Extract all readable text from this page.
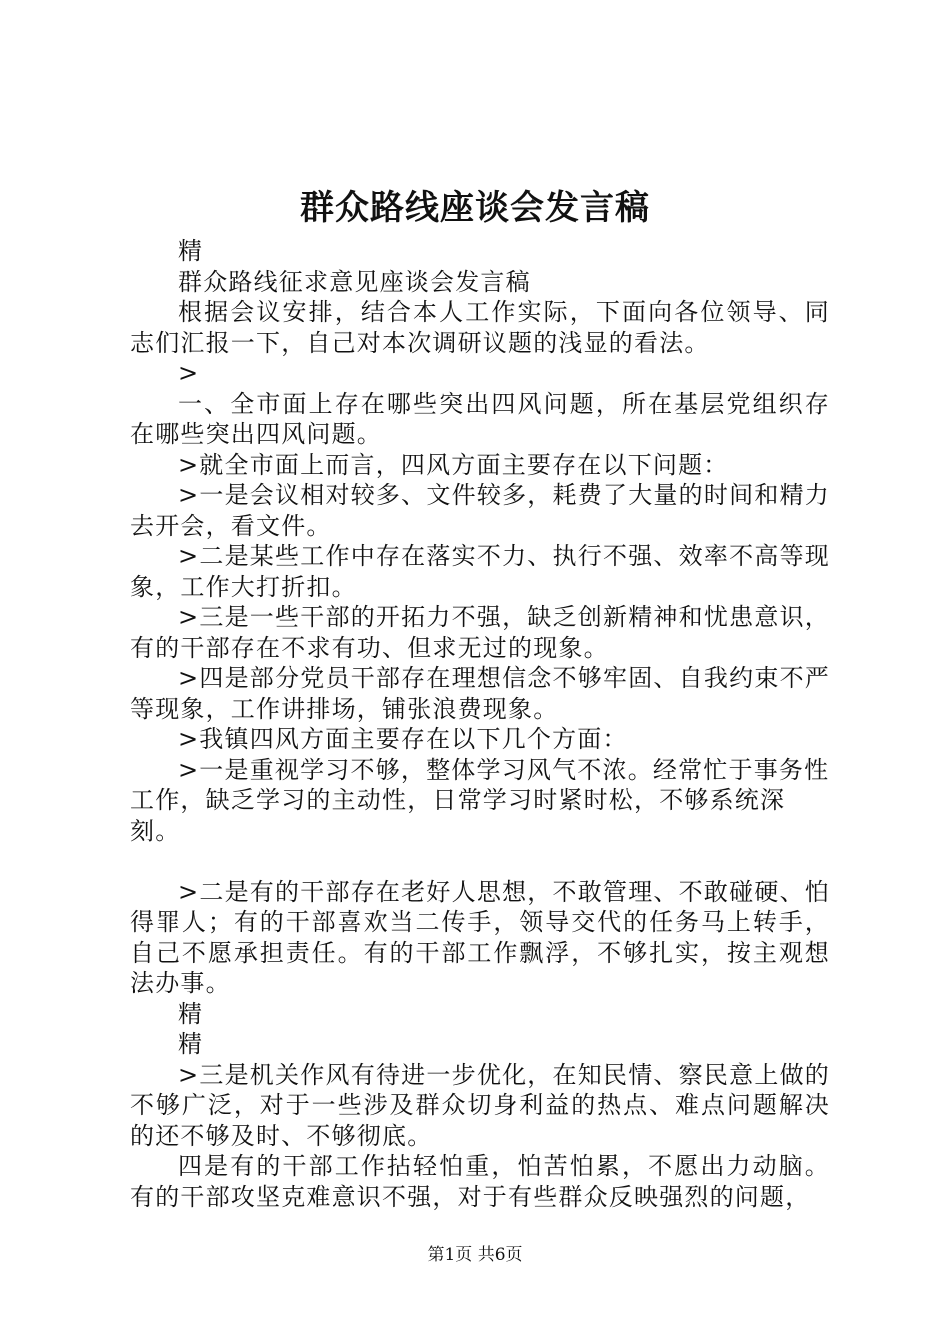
群众路线座谈会发言稿

精

群众路线征求意见座谈会发言稿

根据会议安排，结合本人工作实际，下面向各位领导、同志们汇报一下，自己对本次调研议题的浅显的看法。

>

一、全市面上存在哪些突出四风问题，所在基层党组织存在哪些突出四风问题。

>就全市面上而言，四风方面主要存在以下问题：

>一是会议相对较多、文件较多，耗费了大量的时间和精力去开会，看文件。

>二是某些工作中存在落实不力、执行不强、效率不高等现象，工作大打折扣。

>三是一些干部的开拓力不强，缺乏创新精神和忧患意识，有的干部存在不求有功、但求无过的现象。

>四是部分党员干部存在理想信念不够牢固、自我约束不严等现象，工作讲排场，铺张浪费现象。

>我镇四风方面主要存在以下几个方面：

>一是重视学习不够，整体学习风气不浓。经常忙于事务性工作，缺乏学习的主动性，日常学习时紧时松，不够系统深刻。

>二是有的干部存在老好人思想，不敢管理、不敢碰硬、怕得罪人；有的干部喜欢当二传手，领导交代的任务马上转手，自己不愿承担责任。有的干部工作飘浮，不够扎实，按主观想法办事。

精

精

>三是机关作风有待进一步优化，在知民情、察民意上做的不够广泛，对于一些涉及群众切身利益的热点、难点问题解决的还不够及时、不够彻底。

四是有的干部工作拈轻怕重，怕苦怕累，不愿出力动脑。有的干部攻坚克难意识不强，对于有些群众反映强烈的问题，

第1页 共6页
